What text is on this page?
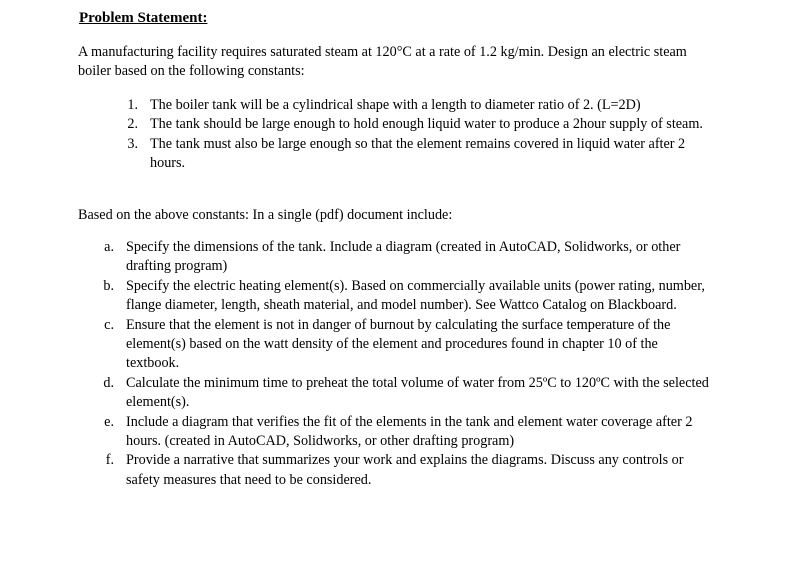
Problem Statement:
A manufacturing facility requires saturated steam at 120°C at a rate of 1.2 kg/min. Design an electric steam boiler based on the following constants:
1. The boiler tank will be a cylindrical shape with a length to diameter ratio of 2. (L=2D)
2. The tank should be large enough to hold enough liquid water to produce a 2hour supply of steam.
3. The tank must also be large enough so that the element remains covered in liquid water after 2 hours.
Based on the above constants: In a single (pdf) document include:
a. Specify the dimensions of the tank. Include a diagram (created in AutoCAD, Solidworks, or other drafting program)
b. Specify the electric heating element(s). Based on commercially available units (power rating, number, flange diameter, length, sheath material, and model number). See Wattco Catalog on Blackboard.
c. Ensure that the element is not in danger of burnout by calculating the surface temperature of the element(s) based on the watt density of the element and procedures found in chapter 10 of the textbook.
d. Calculate the minimum time to preheat the total volume of water from 25ºC to 120ºC with the selected element(s).
e. Include a diagram that verifies the fit of the elements in the tank and element water coverage after 2 hours. (created in AutoCAD, Solidworks, or other drafting program)
f. Provide a narrative that summarizes your work and explains the diagrams. Discuss any controls or safety measures that need to be considered.
